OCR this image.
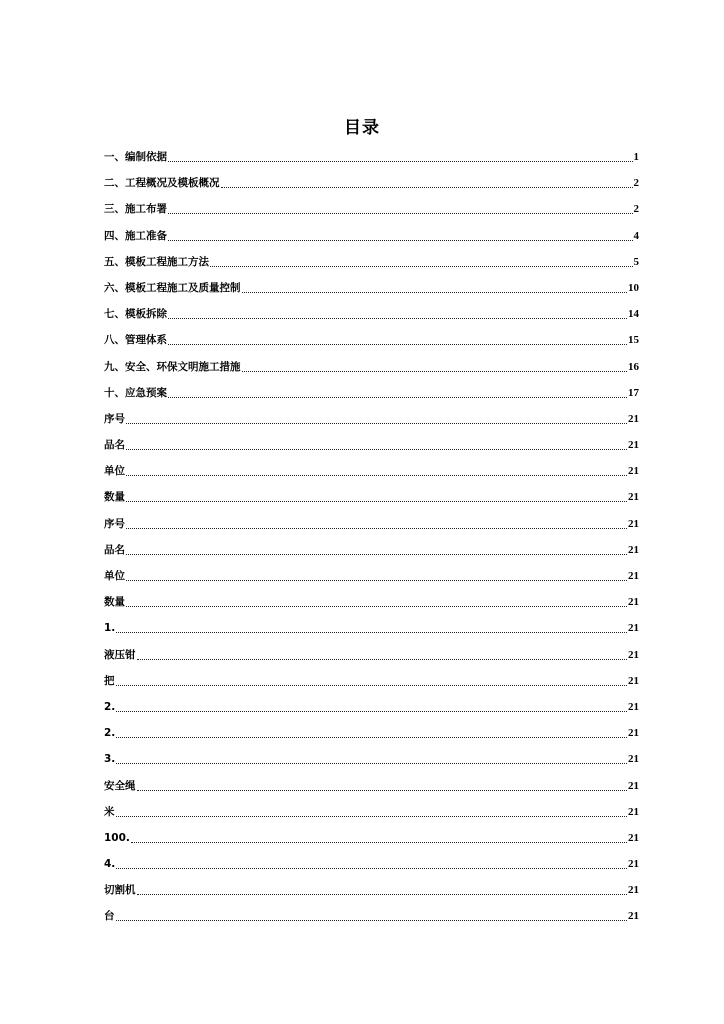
目录
一、编制依据	1
二、工程概况及模板概况	2
三、施工布署	2
四、施工准备	4
五、模板工程施工方法	5
六、模板工程施工及质量控制	10
七、模板拆除	14
八、管理体系	15
九、安全、环保文明施工措施	16
十、应急预案	17
序号	21
品名	21
单位	21
数量	21
序号	21
品名	21
单位	21
数量	21
1.	21
液压钳	21
把	21
2.	21
2.	21
3.	21
安全绳	21
米	21
100.	21
4.	21
切割机	21
台	21
